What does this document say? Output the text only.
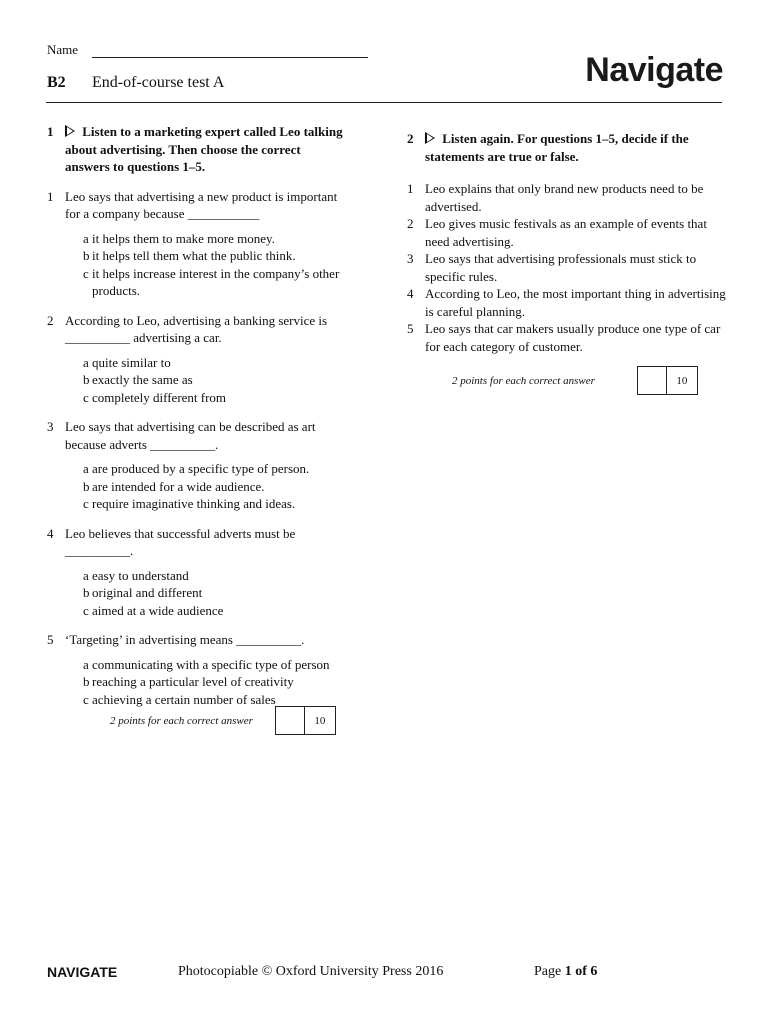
Name
B2 End-of-course test A	Navigate
1	Listen to a marketing expert called Leo talking about advertising. Then choose the correct answers to questions 1–5.
1 Leo says that advertising a new product is important for a company because ___________
a it helps them to make more money.
b it helps tell them what the public think.
c it helps increase interest in the company’s other products.
2 According to Leo, advertising a banking service is __________ advertising a car.
a quite similar to
b exactly the same as
c completely different from
3 Leo says that advertising can be described as art because adverts __________.
a are produced by a specific type of person.
b are intended for a wide audience.
c require imaginative thinking and ideas.
4 Leo believes that successful adverts must be __________.
a easy to understand
b original and different
c aimed at a wide audience
5 ‘Targeting’ in advertising means __________.
a communicating with a specific type of person
b reaching a particular level of creativity
c achieving a certain number of sales
2 points for each correct answer	10
2	Listen again. For questions 1–5, decide if the statements are true or false.
1 Leo explains that only brand new products need to be advertised.
2 Leo gives music festivals as an example of events that need advertising.
3 Leo says that advertising professionals must stick to specific rules.
4 According to Leo, the most important thing in advertising is careful planning.
5 Leo says that car makers usually produce one type of car for each category of customer.
2 points for each correct answer	10
NAVIGATE	Photocopiable © Oxford University Press 2016	Page 1 of 6
